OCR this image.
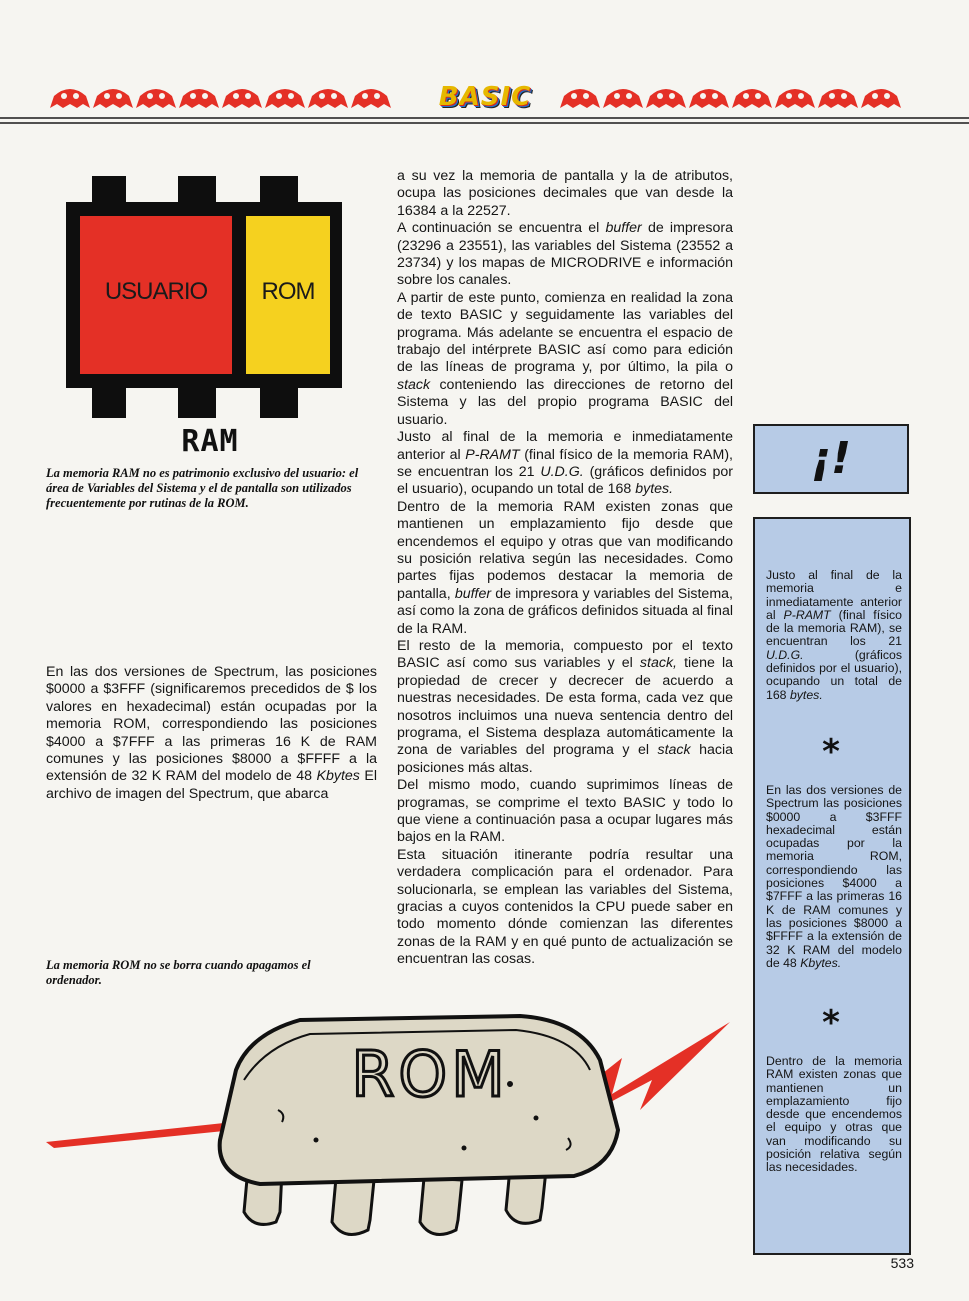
BASIC
USUARIO ROM
RAM
La memoria RAM no es patrimonio exclusivo del usuario: el área de Variables del Sistema y el de pantalla son utilizados frecuentemente por rutinas de la ROM.

En las dos versiones de Spectrum, las posiciones $0000 a $3FFF (significaremos precedidos de $ los valores en hexadecimal) están ocupadas por la memoria ROM, correspondiendo las posiciones $4000 a $7FFF a las primeras 16 K de RAM comunes y las posiciones $8000 a $FFFF a la extensión de 32 K RAM del modelo de 48 Kbytes El archivo de imagen del Spectrum, que abarca

a su vez la memoria de pantalla y la de atributos, ocupa las posiciones decimales que van desde la 16384 a la 22527.

A continuación se encuentra el buffer de impresora (23296 a 23551), las variables del Sistema (23552 a 23734) y los mapas de MICRODRIVE e información sobre los canales.

A partir de este punto, comienza en realidad la zona de texto BASIC y seguidamente las variables del programa. Más adelante se encuentra el espacio de trabajo del intérprete BASIC así como para edición de las líneas de programa y, por último, la pila o stack conteniendo las direcciones de retorno del Sistema y las del propio programa BASIC del usuario.

Justo al final de la memoria e inmediatamente anterior al P-RAMT (final físico de la memoria RAM), se encuentran los 21 U.D.G. (gráficos definidos por el usuario), ocupando un total de 168 bytes.

Dentro de la memoria RAM existen zonas que mantienen un emplazamiento fijo desde que encendemos el equipo y otras que van modificando su posición relativa según las necesidades. Como partes fijas podemos destacar la memoria de pantalla, buffer de impresora y variables del Sistema, así como la zona de gráficos definidos situada al final de la RAM.

El resto de la memoria, compuesto por el texto BASIC así como sus variables y el stack, tiene la propiedad de crecer y decrecer de acuerdo a nuestras necesidades. De esta forma, cada vez que nosotros incluimos una nueva sentencia dentro del programa, el Sistema desplaza automáticamente la zona de variables del programa y el stack hacia posiciones más altas.

Del mismo modo, cuando suprimimos líneas de programas, se comprime el texto BASIC y todo lo que viene a continuación pasa a ocupar lugares más bajos en la RAM.

Esta situación itinerante podría resultar una verdadera complicación para el ordenador. Para solucionarla, se emplean las variables del Sistema, gracias a cuyos contenidos la CPU puede saber en todo momento dónde comienzan las diferentes zonas de la RAM y en qué punto de actualización se encuentran las cosas.

¡!
Justo al final de la memoria e inmediatamente anterior al P-RAMT (final físico de la memoria RAM), se encuentran los 21 U.D.G. (gráficos definidos por el usuario), ocupando un total de 168 bytes.
*
En las dos versiones de Spectrum las posiciones $0000 a $3FFF hexadecimal están ocupadas por la memoria ROM, correspondiendo las posiciones $4000 a $7FFF a las primeras 16 K de RAM comunes y las posiciones $8000 a $FFFF a la extensión de 32 K RAM del modelo de 48 Kbytes.
*
Dentro de la memoria RAM existen zonas que mantienen un emplazamiento fijo desde que encendemos el equipo y otras que van modificando su posición relativa según las necesidades.
La memoria ROM no se borra cuando apagamos el ordenador.
ROM
533
